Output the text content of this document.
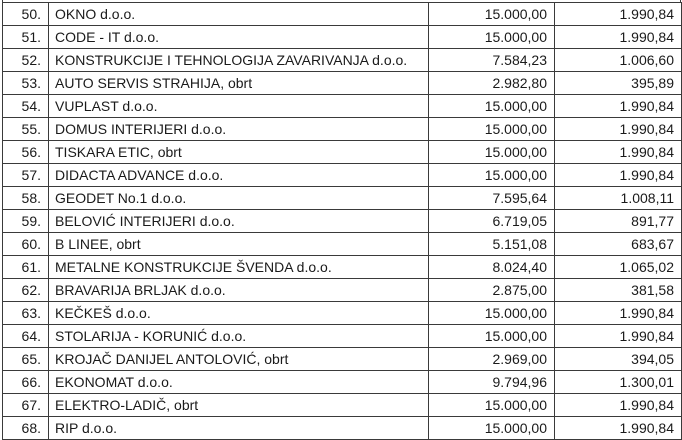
50.	OKNO d.o.o.	15.000,00	1.990,84
51.	CODE - IT d.o.o.	15.000,00	1.990,84
52.	KONSTRUKCIJE I TEHNOLOGIJA ZAVARIVANJA d.o.o.	7.584,23	1.006,60
53.	AUTO SERVIS STRAHIJA, obrt	2.982,80	395,89
54.	VUPLAST d.o.o.	15.000,00	1.990,84
55.	DOMUS INTERIJERI d.o.o.	15.000,00	1.990,84
56.	TISKARA ETIC, obrt	15.000,00	1.990,84
57.	DIDACTA ADVANCE d.o.o.	15.000,00	1.990,84
58.	GEODET No.1 d.o.o.	7.595,64	1.008,11
59.	BELOVIĆ INTERIJERI d.o.o.	6.719,05	891,77
60.	B LINEE, obrt	5.151,08	683,67
61.	METALNE KONSTRUKCIJE ŠVENDA d.o.o.	8.024,40	1.065,02
62.	BRAVARIJA BRLJAK d.o.o.	2.875,00	381,58
63.	KEČKEŠ d.o.o.	15.000,00	1.990,84
64.	STOLARIJA - KORUNIĆ d.o.o.	15.000,00	1.990,84
65.	KROJAČ DANIJEL ANTOLOVIĆ, obrt	2.969,00	394,05
66.	EKONOMAT d.o.o.	9.794,96	1.300,01
67.	ELEKTRO-LADIČ, obrt	15.000,00	1.990,84
68.	RIP d.o.o.	15.000,00	1.990,84
